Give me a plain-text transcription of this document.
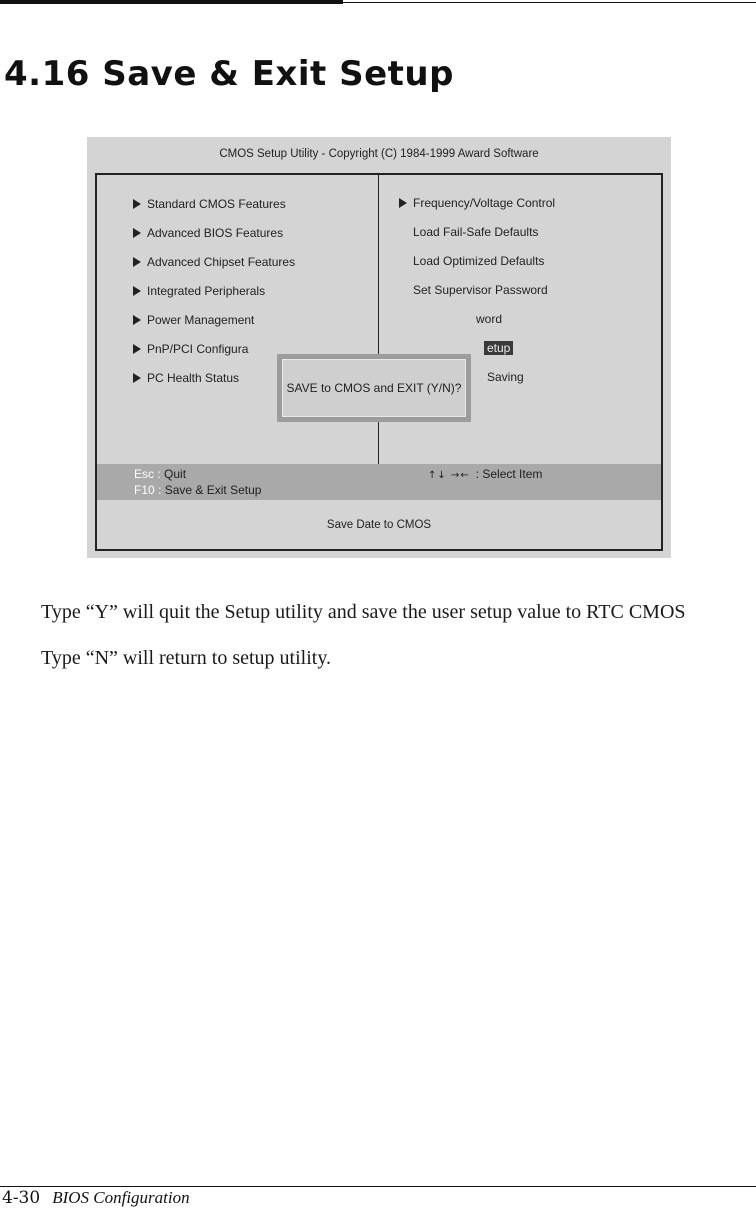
4.16 Save & Exit Setup
CMOS Setup Utility - Copyright (C) 1984-1999 Award Software
Standard CMOS Features
Advanced BIOS Features
Advanced Chipset Features
Integrated Peripherals
Power Management
PnP/PCI Configura
PC Health Status
Frequency/Voltage Control
Load Fail-Safe Defaults
Load Optimized Defaults
Set Supervisor Password
word
etup
Saving
Esc : Quit
F10 : Save & Exit Setup
↑↓ →← : Select Item
Save Date to CMOS
SAVE to CMOS and EXIT (Y/N)?
Type “Y” will quit the Setup utility and save the user setup value to RTC CMOS
Type “N” will return to setup utility.
4-30 BIOS Configuration
